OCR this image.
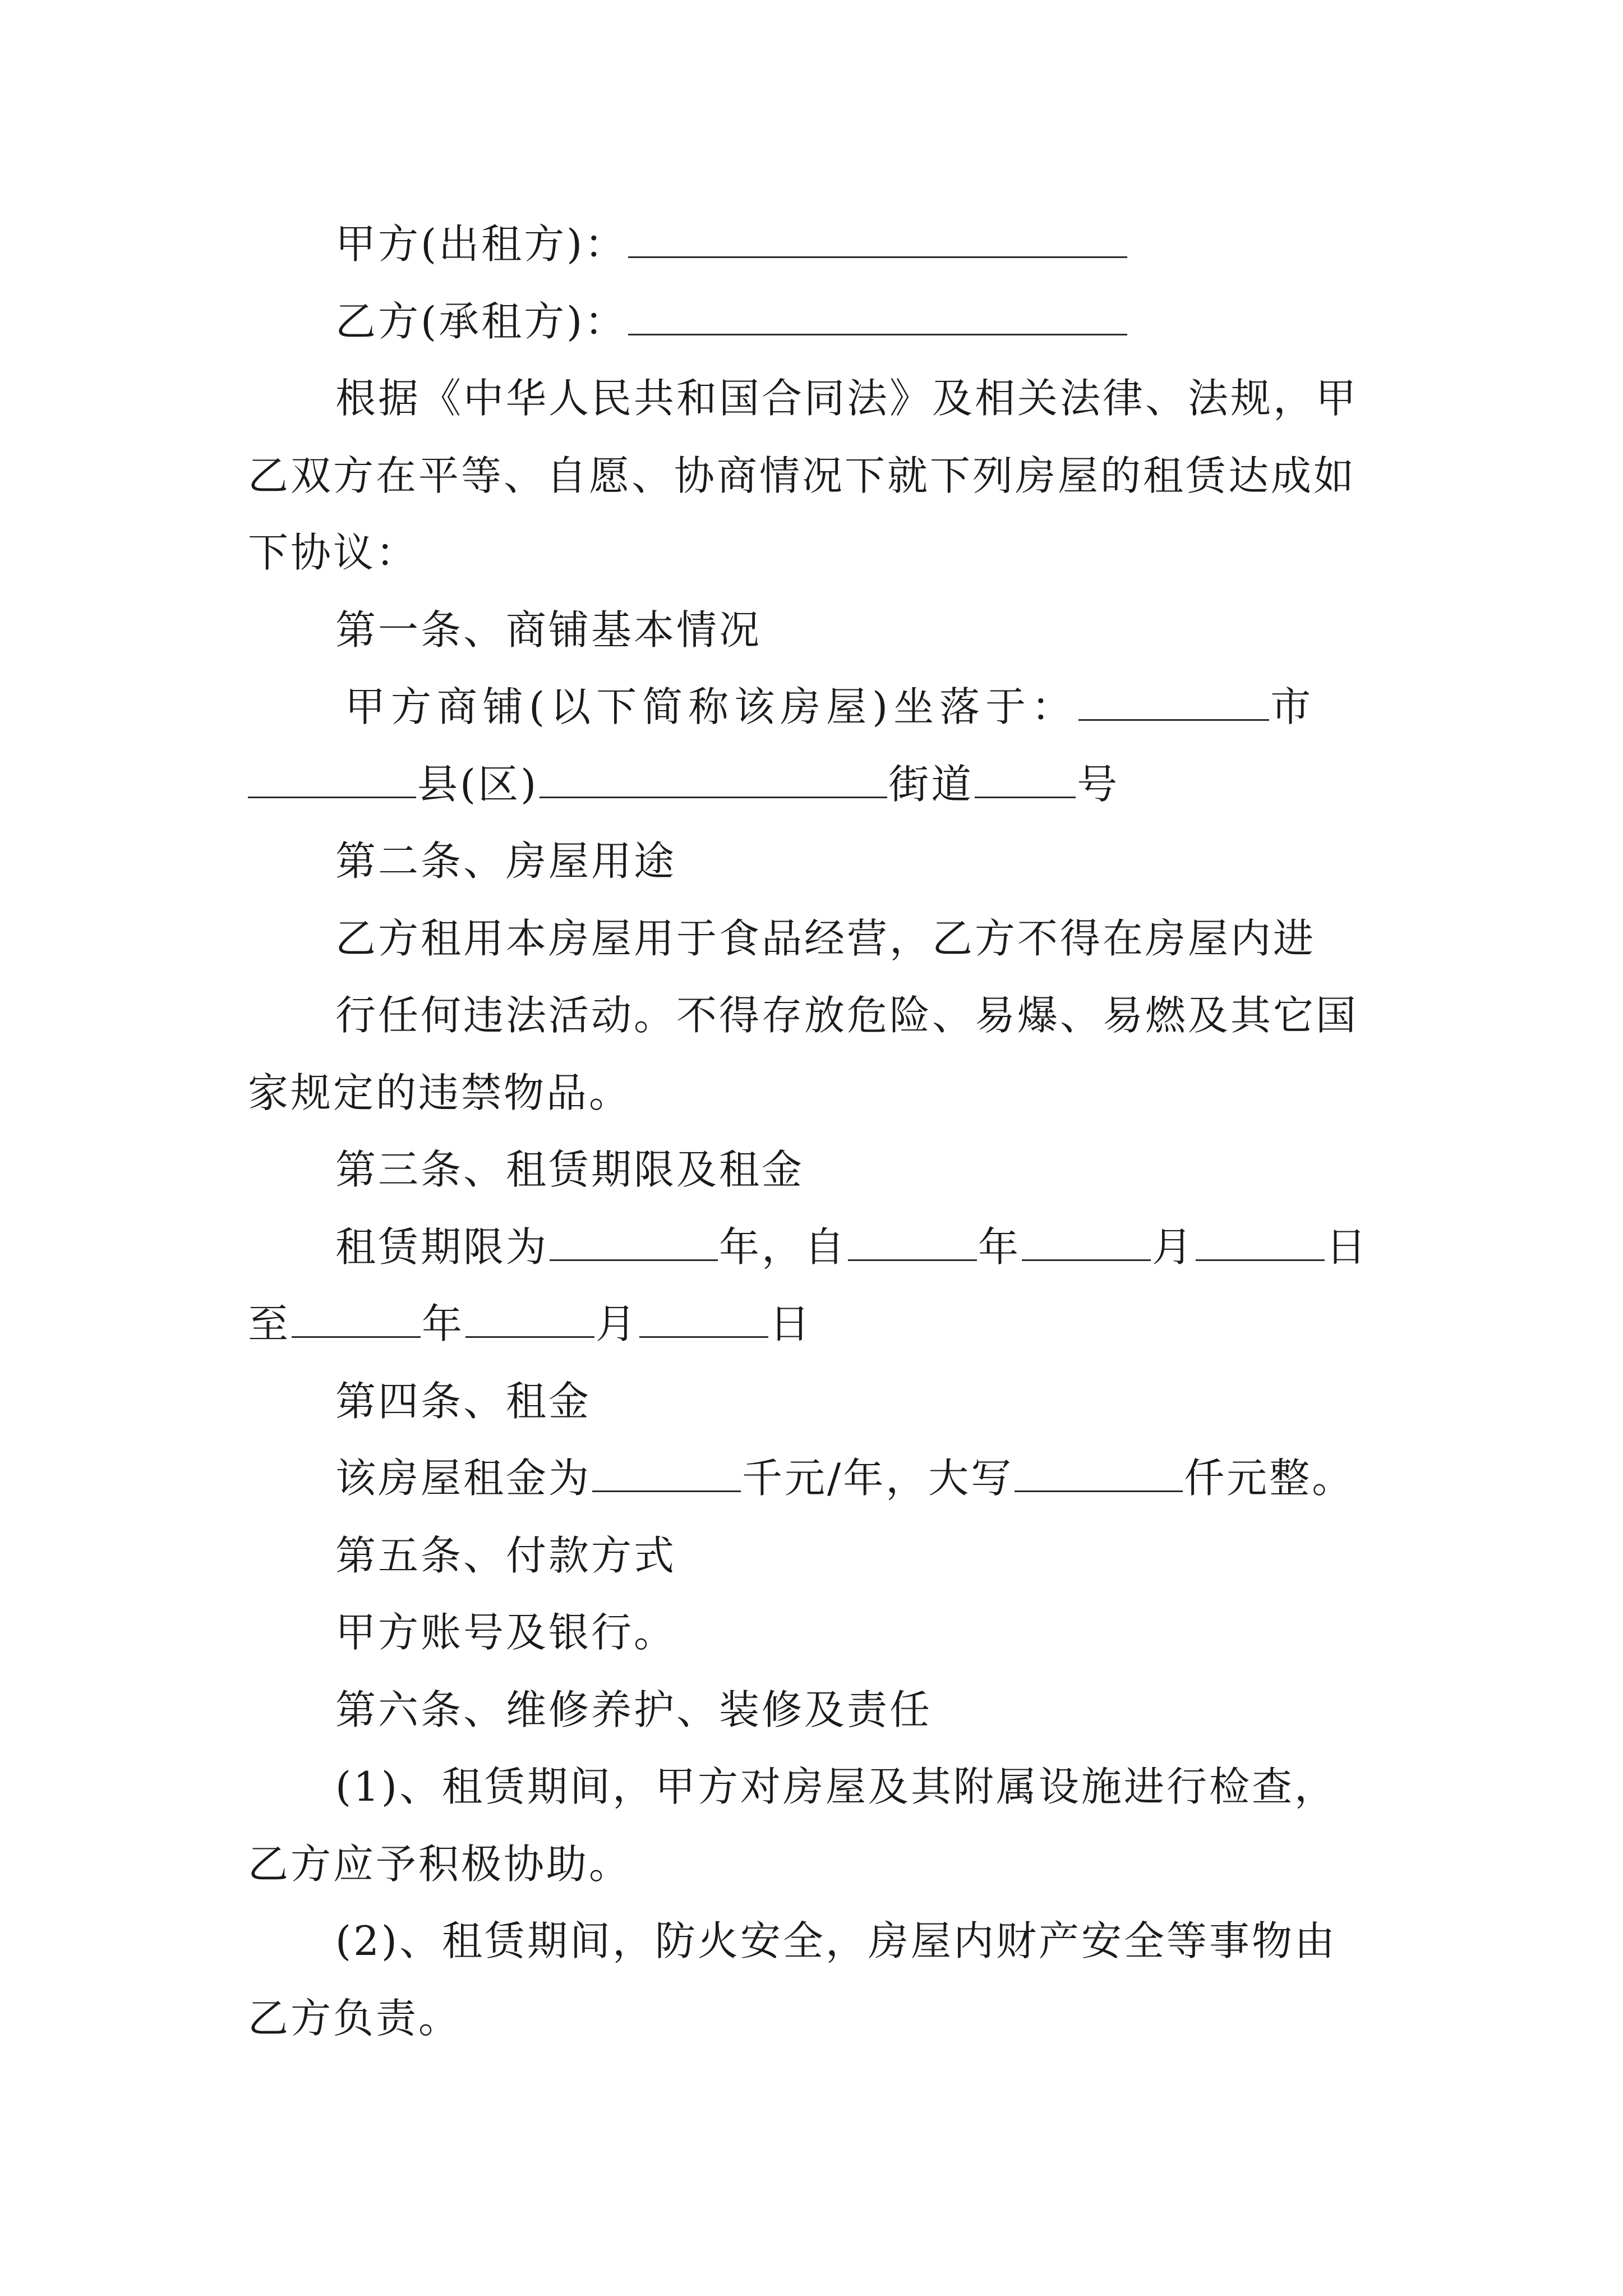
甲方(出租方)：
乙方(承租方)：
根据《中华人民共和国合同法》及相关法律、法规，甲
乙双方在平等、自愿、协商情况下就下列房屋的租赁达成如
下协议：
第一条、商铺基本情况
甲方商铺(以下简称该房屋)坐落于：	市
县(区)	街道	号
第二条、房屋用途
乙方租用本房屋用于食品经营，乙方不得在房屋内进
行任何违法活动。不得存放危险、易爆、易燃及其它国
家规定的违禁物品。
第三条、租赁期限及租金
租赁期限为	年，自	年	月	日
至	年	月	日
第四条、租金
该房屋租金为	千元/年，大写	仟元整。
第五条、付款方式
甲方账号及银行。
第六条、维修养护、装修及责任
(1)、租赁期间，甲方对房屋及其附属设施进行检查，
乙方应予积极协助。
(2)、租赁期间，防火安全，房屋内财产安全等事物由
乙方负责。
